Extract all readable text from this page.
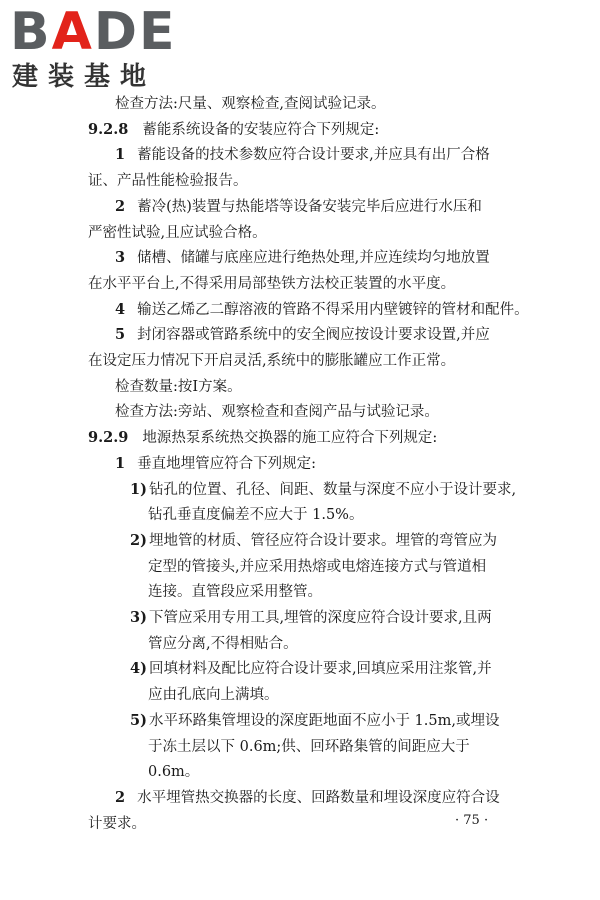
BADE
建装基地
检查方法:尺量、观察检查,查阅试验记录。
9.2.8 蓄能系统设备的安装应符合下列规定:
1 蓄能设备的技术参数应符合设计要求,并应具有出厂合格
证、产品性能检验报告。
2 蓄冷(热)装置与热能塔等设备安装完毕后应进行水压和
严密性试验,且应试验合格。
3 储槽、储罐与底座应进行绝热处理,并应连续均匀地放置
在水平平台上,不得采用局部垫铁方法校正装置的水平度。
4 输送乙烯乙二醇溶液的管路不得采用内壁镀锌的管材和配件。
5 封闭容器或管路系统中的安全阀应按设计要求设置,并应
在设定压力情况下开启灵活,系统中的膨胀罐应工作正常。
检查数量:按Ⅰ方案。
检查方法:旁站、观察检查和查阅产品与试验记录。
9.2.9 地源热泵系统热交换器的施工应符合下列规定:
1 垂直地埋管应符合下列规定:
1) 钻孔的位置、孔径、间距、数量与深度不应小于设计要求,
钻孔垂直度偏差不应大于 1.5%。
2) 埋地管的材质、管径应符合设计要求。埋管的弯管应为
定型的管接头,并应采用热熔或电熔连接方式与管道相
连接。直管段应采用整管。
3) 下管应采用专用工具,埋管的深度应符合设计要求,且两
管应分离,不得相贴合。
4) 回填材料及配比应符合设计要求,回填应采用注浆管,并
应由孔底向上满填。
5) 水平环路集管埋设的深度距地面不应小于 1.5m,或埋设
于冻土层以下 0.6m;供、回环路集管的间距应大于
0.6m。
2 水平埋管热交换器的长度、回路数量和埋设深度应符合设
计要求。	· 75 ·
